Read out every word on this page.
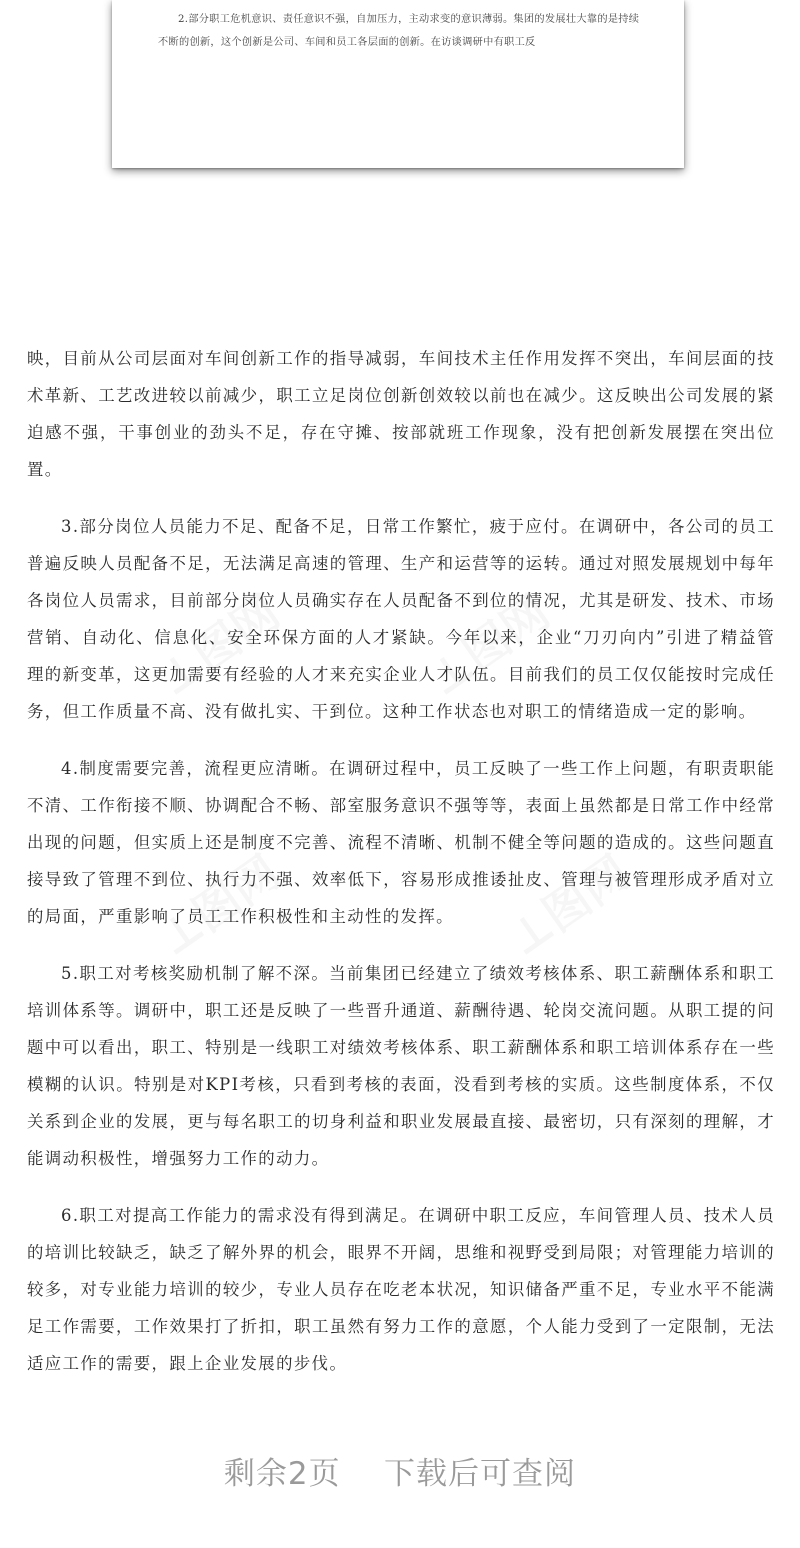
2.部分职工危机意识、责任意识不强，自加压力，主动求变的意识薄弱。集团的发展壮大靠的是持续不断的创新，这个创新是公司、车间和员工各层面的创新。在访谈调研中有职工反

映，目前从公司层面对车间创新工作的指导减弱，车间技术主任作用发挥不突出，车间层面的技术革新、工艺改进较以前减少，职工立足岗位创新创效较以前也在减少。这反映出公司发展的紧迫感不强，干事创业的劲头不足，存在守摊、按部就班工作现象，没有把创新发展摆在突出位置。

3.部分岗位人员能力不足、配备不足，日常工作繁忙，疲于应付。在调研中，各公司的员工普遍反映人员配备不足，无法满足高速的管理、生产和运营等的运转。通过对照发展规划中每年各岗位人员需求，目前部分岗位人员确实存在人员配备不到位的情况，尤其是研发、技术、市场营销、自动化、信息化、安全环保方面的人才紧缺。今年以来，企业“刀刃向内”引进了精益管理的新变革，这更加需要有经验的人才来充实企业人才队伍。目前我们的员工仅仅能按时完成任务，但工作质量不高、没有做扎实、干到位。这种工作状态也对职工的情绪造成一定的影响。

4.制度需要完善，流程更应清晰。在调研过程中，员工反映了一些工作上问题，有职责职能不清、工作衔接不顺、协调配合不畅、部室服务意识不强等等，表面上虽然都是日常工作中经常出现的问题，但实质上还是制度不完善、流程不清晰、机制不健全等问题的造成的。这些问题直接导致了管理不到位、执行力不强、效率低下，容易形成推诿扯皮、管理与被管理形成矛盾对立的局面，严重影响了员工工作积极性和主动性的发挥。

5.职工对考核奖励机制了解不深。当前集团已经建立了绩效考核体系、职工薪酬体系和职工培训体系等。调研中，职工还是反映了一些晋升通道、薪酬待遇、轮岗交流问题。从职工提的问题中可以看出，职工、特别是一线职工对绩效考核体系、职工薪酬体系和职工培训体系存在一些模糊的认识。特别是对KPI考核，只看到考核的表面，没看到考核的实质。这些制度体系，不仅关系到企业的发展，更与每名职工的切身利益和职业发展最直接、最密切，只有深刻的理解，才能调动积极性，增强努力工作的动力。

6.职工对提高工作能力的需求没有得到满足。在调研中职工反应，车间管理人员、技术人员的培训比较缺乏，缺乏了解外界的机会，眼界不开阔，思维和视野受到局限；对管理能力培训的较多，对专业能力培训的较少，专业人员存在吃老本状况，知识储备严重不足，专业水平不能满足工作需要，工作效果打了折扣，职工虽然有努力工作的意愿，个人能力受到了一定限制，无法适应工作的需要，跟上企业发展的步伐。

剩余2页    下载后可查阅
